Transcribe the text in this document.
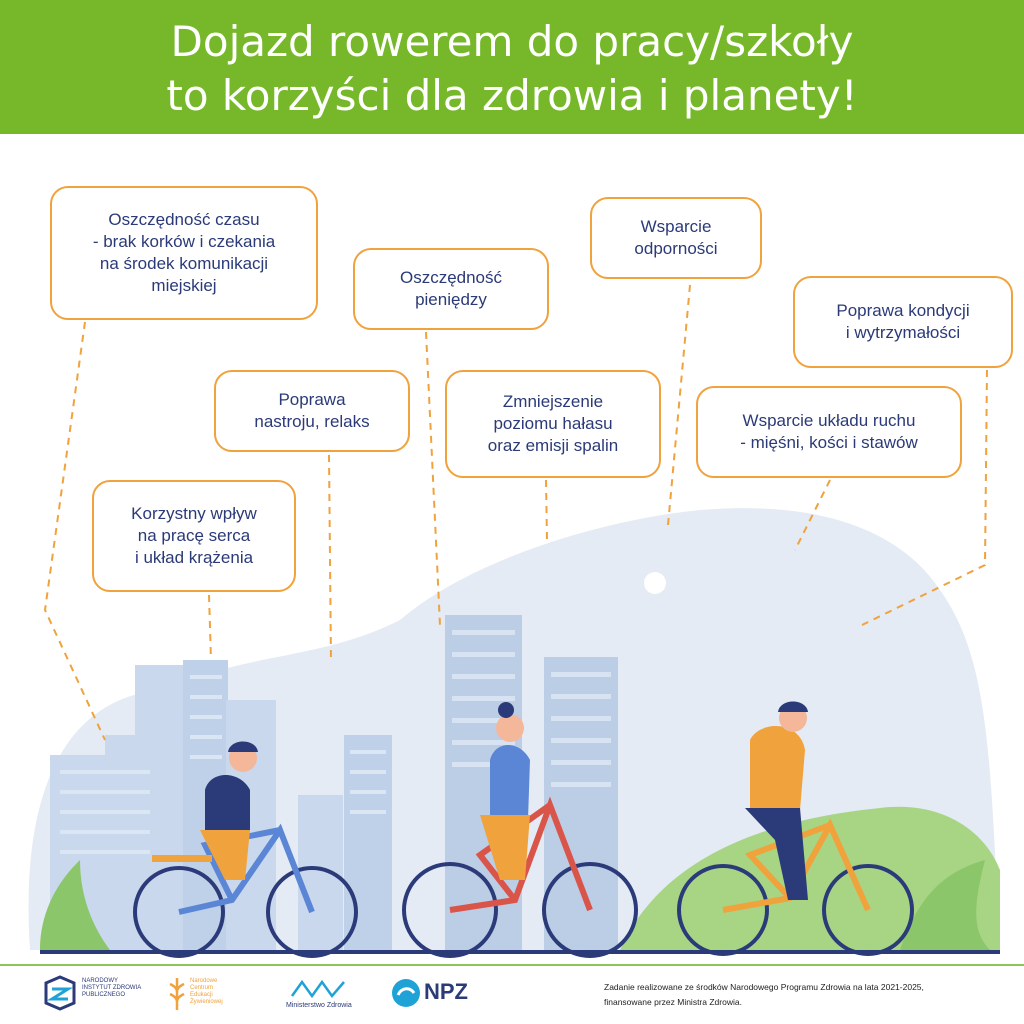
Dojazd rowerem do pracy/szkoły
to korzyści dla zdrowia i planety!
Oszczędność czasu
- brak korków i czekania
na środek komunikacji
miejskiej	Oszczędność
pieniędzy
Wsparcie
odporności
Poprawa kondycji
i wytrzymałości
Poprawa
nastroju, relaks
Zmniejszenie
poziomu hałasu
oraz emisji spalin
Wsparcie układu ruchu
- mięśni, kości i stawów
Korzystny wpływ
na pracę serca
i układ krążenia
NARODOWY INSTYTUT ZDROWIA PUBLICZNEGO
Narodowe Centrum Edukacji Żywieniowej	Ministerstwo Zdrowia
NPZ	Zadanie realizowane ze środków Narodowego Programu Zdrowia na lata 2021-2025,
finansowane przez Ministra Zdrowia.
